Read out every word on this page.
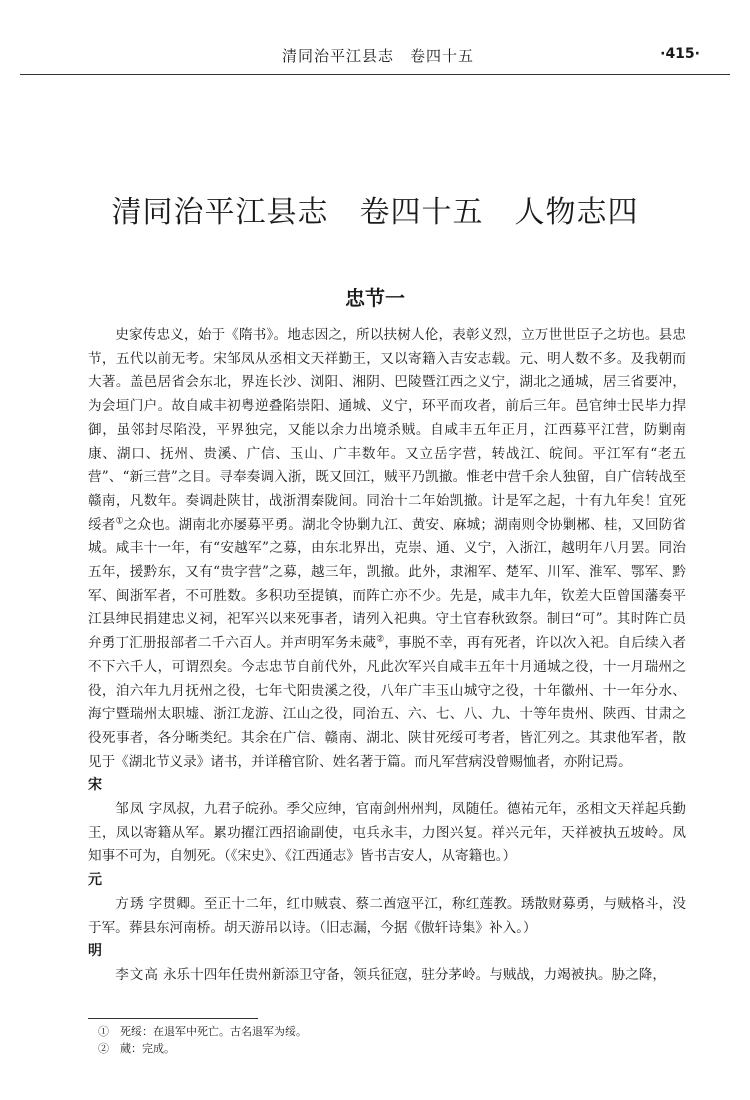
清同治平江县志　卷四十五	·415·
清同治平江县志　卷四十五　人物志四
忠节一

史家传忠义，始于《隋书》。地志因之，所以扶树人伦，表彰义烈，立万世世臣子之坊也。县忠节，五代以前无考。宋邹凤从丞相文天祥勤王，又以寄籍入吉安志载。元、明人数不多。及我朝而大著。盖邑居省会东北，界连长沙、浏阳、湘阴、巴陵暨江西之义宁，湖北之通城，居三省要冲，为会垣门户。故自咸丰初粤逆叠陷崇阳、通城、义宁，环平而攻者，前后三年。邑官绅士民毕力捍御，虽邻封尽陷没，平界独完，又能以余力出境杀贼。自咸丰五年正月，江西募平江营，防剿南康、湖口、抚州、贵溪、广信、玉山、广丰数年。又立岳字营，转战江、皖间。平江军有“老五营”、“新三营”之目。寻奉奏调入浙，既又回江，贼平乃凯撤。惟老中营千余人独留，自广信转战至赣南，凡数年。奏调赴陕甘，战浙渭秦陇间。同治十二年始凯撤。计是军之起，十有九年矣！宜死绥者①之众也。湖南北亦屡募平勇。湖北令协剿九江、黄安、麻城；湖南则令协剿郴、桂，又回防省城。咸丰十一年，有“安越军”之募，由东北界出，克崇、通、义宁，入浙江，越明年八月罢。同治五年，援黔东，又有“贵字营”之募，越三年，凯撤。此外，隶湘军、楚军、川军、淮军、鄂军、黔军、闽浙军者，不可胜数。多积功至提镇，而阵亡亦不少。先是，咸丰九年，钦差大臣曾国藩奏平江县绅民捐建忠义祠，祀军兴以来死事者，请列入祀典。守土官春秋致祭。制曰“可”。其时阵亡员弁勇丁汇册报部者二千六百人。并声明军务未蒇②，事脱不幸，再有死者，许以次入祀。自后续入者不下六千人，可谓烈矣。今志忠节自前代外，凡此次军兴自咸丰五年十月通城之役，十一月瑞州之役，洎六年九月抚州之役，七年弋阳贵溪之役，八年广丰玉山城守之役，十年徽州、十一年分水、海宁暨瑞州太职墟、浙江龙游、江山之役，同治五、六、七、八、九、十等年贵州、陕西、甘肃之役死事者，各分晰类纪。其余在广信、赣南、湖北、陕甘死绥可考者，皆汇列之。其隶他军者，散见于《湖北节义录》诸书，并详稽官阶、姓名著于篇。而凡军营病没曾赐恤者，亦附记焉。

宋

邹凤 字凤叔，九君子皖孙。季父应绅，官南剑州州判，凤随任。德祐元年，丞相文天祥起兵勤王，凤以寄籍从军。累功擢江西招谕副使，屯兵永丰，力图兴复。祥兴元年，天祥被执五坡岭。凤知事不可为，自刎死。（《宋史》、《江西通志》皆书吉安人，从寄籍也。）

元

方琇 字贯卿。至正十二年，红巾贼袁、蔡二酋寇平江，称红莲教。琇散财募勇，与贼格斗，没于军。葬县东河南桥。胡天游吊以诗。（旧志漏，今据《傲轩诗集》补入。）

明

李文高 永乐十四年任贵州新添卫守备，领兵征寇，驻分茅岭。与贼战，力竭被执。胁之降，

①　死绥：在退军中死亡。古名退军为绥。

②　蒇：完成。
